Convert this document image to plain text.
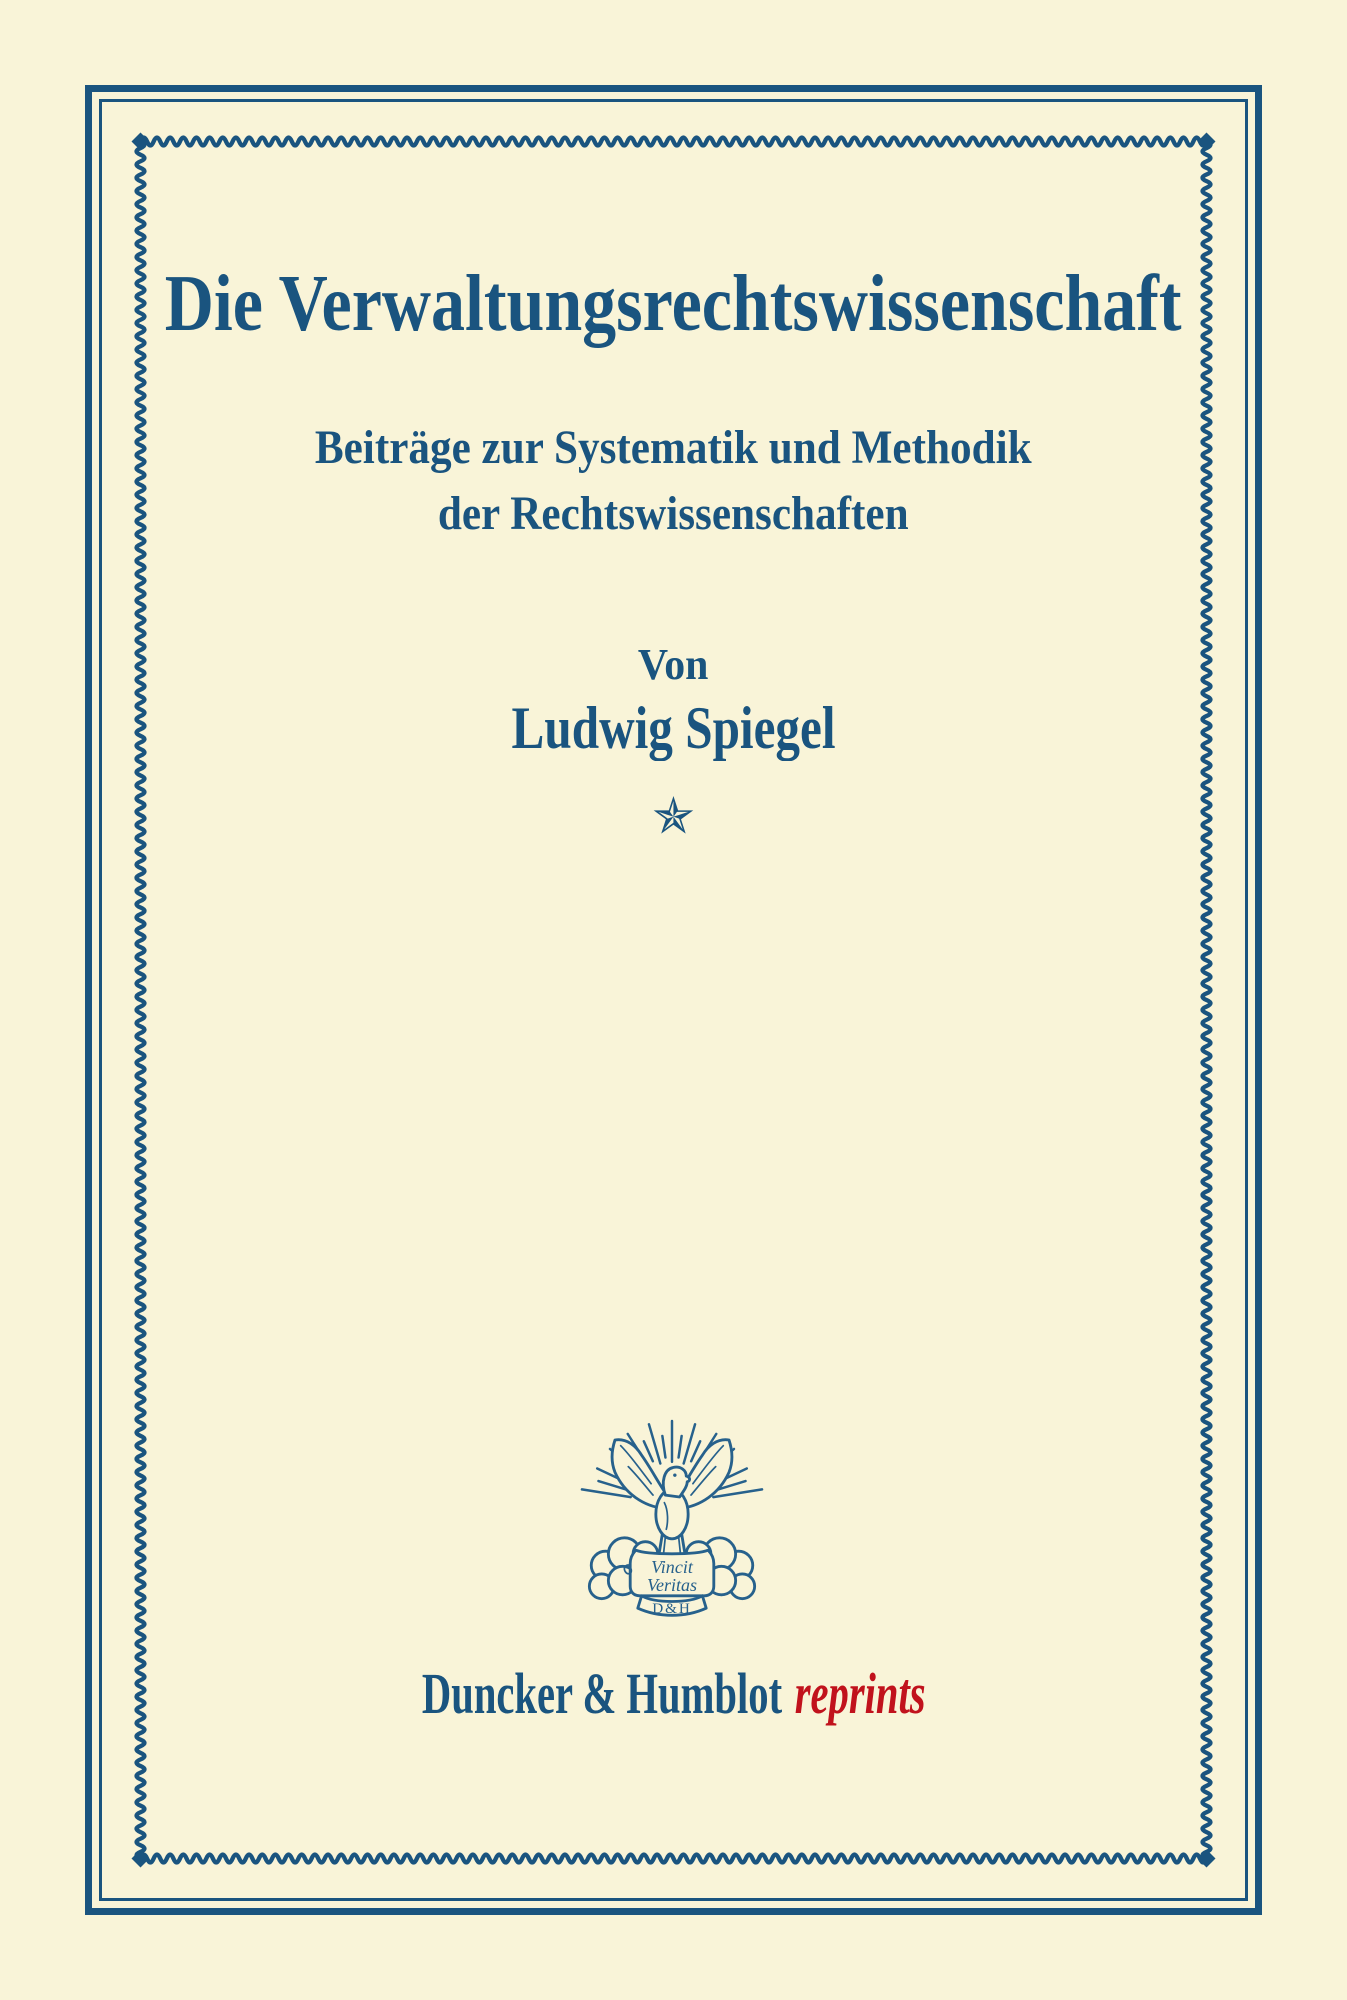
Die Verwaltungsrechtswissenschaft
Beiträge zur Systematik und Methodik
der Rechtswissenschaften
Von
Ludwig Spiegel
✯
Vincit
Veritas
D&H
Duncker & Humblot reprints
